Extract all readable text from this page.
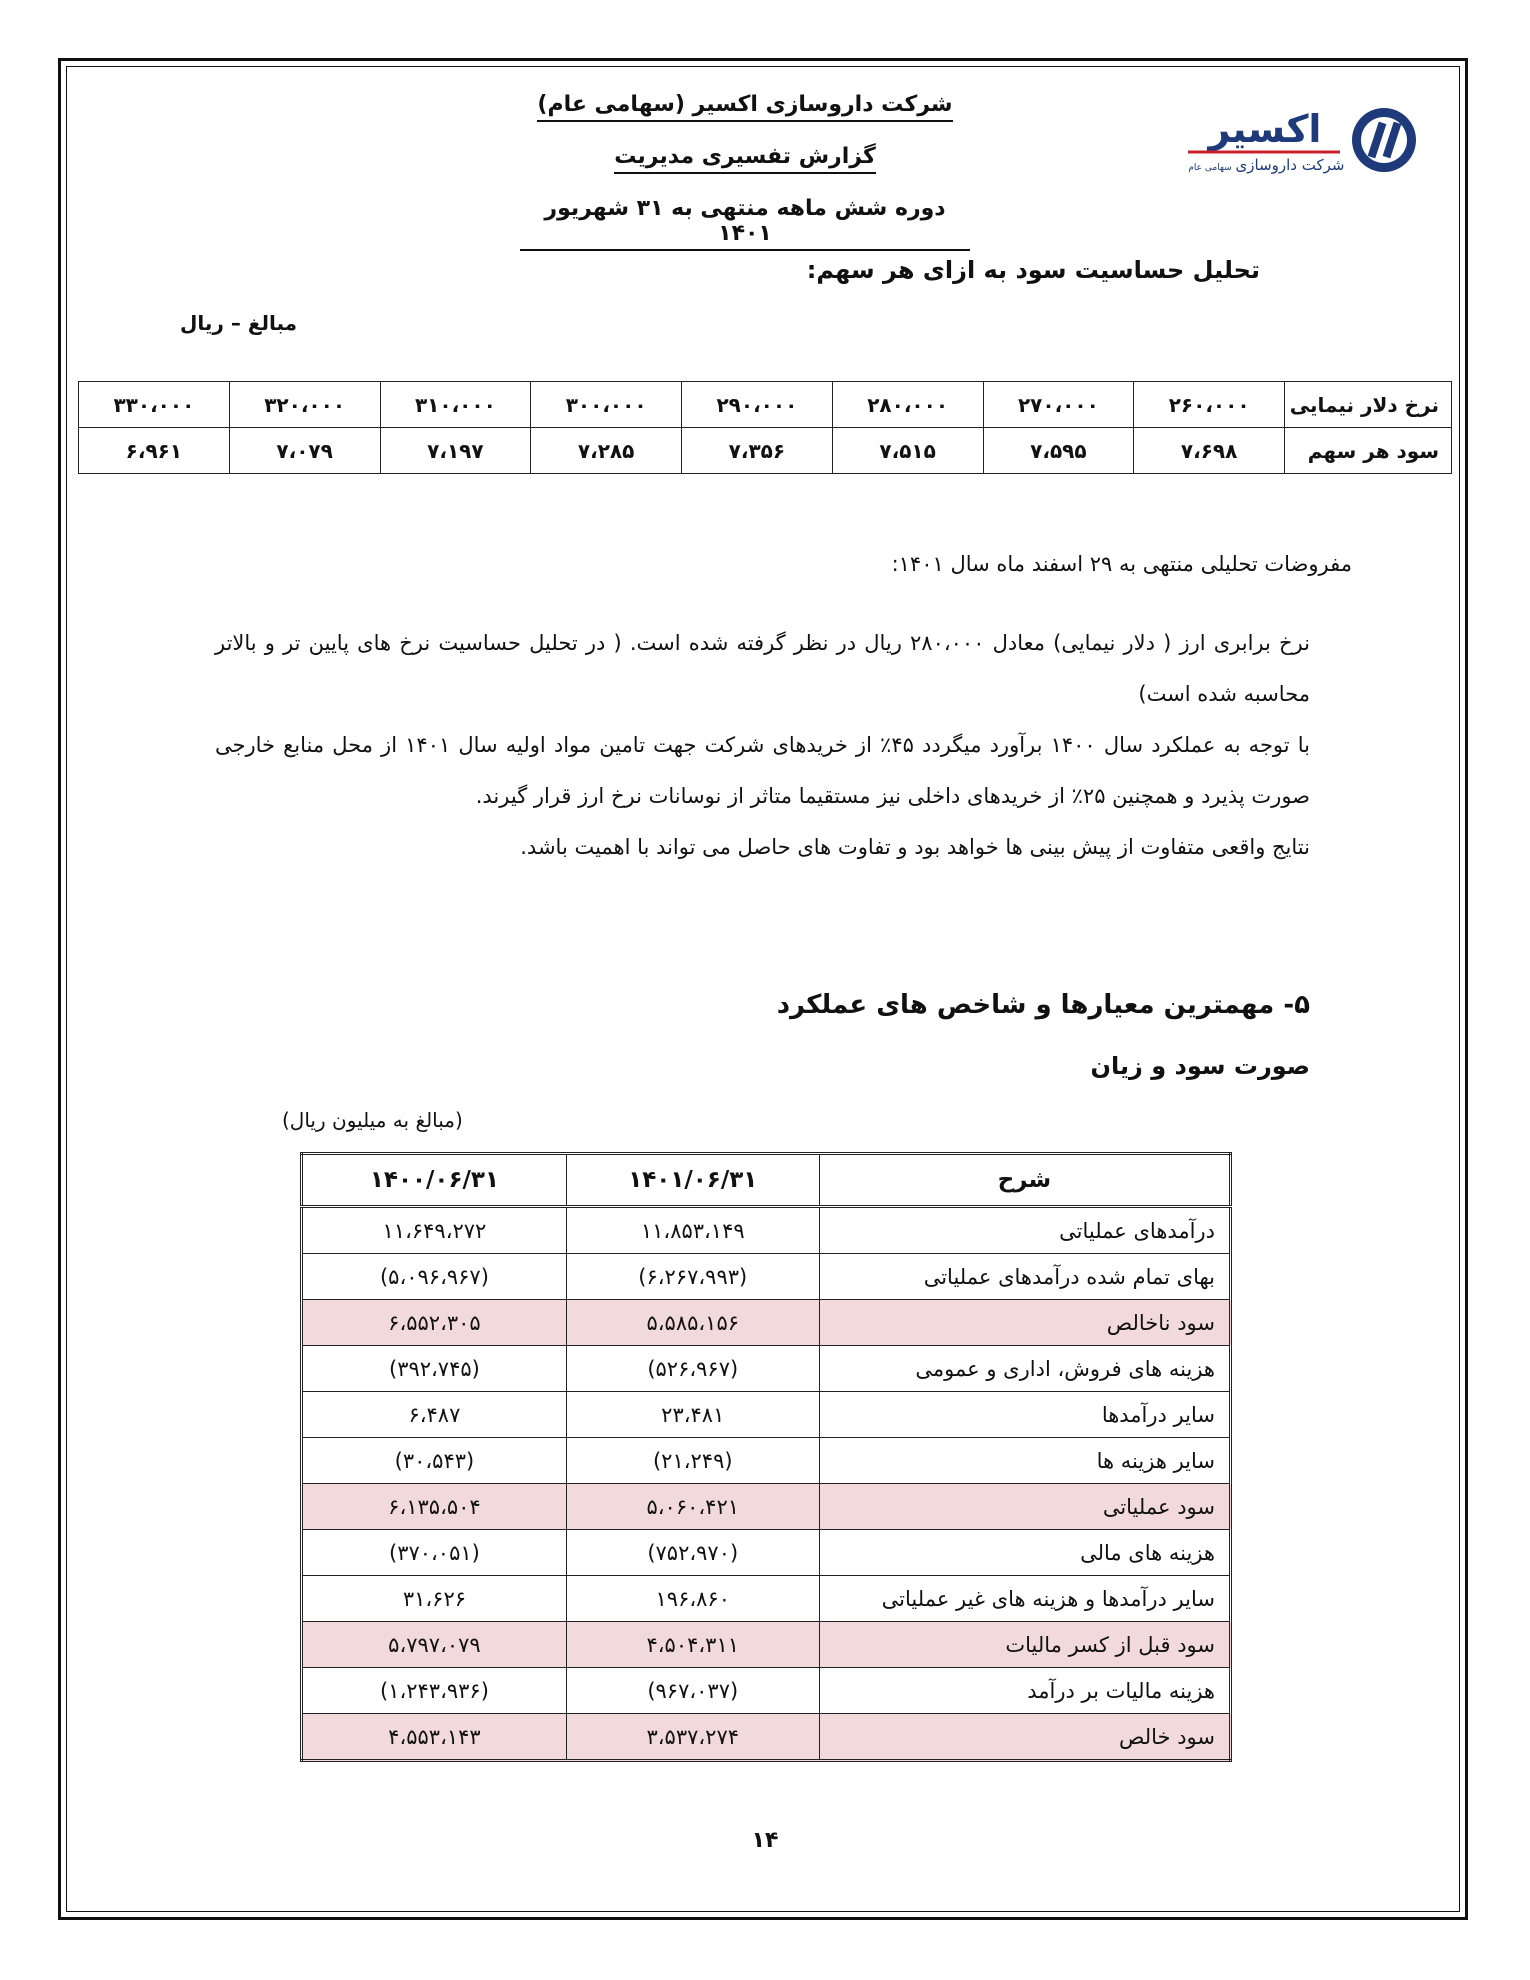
شرکت داروسازی اکسیر (سهامی عام)
گزارش تفسیری مدیریت
دوره شش ماهه منتهی به ۳۱ شهریور ۱۴۰۱
اکسیر
شرکت داروسازی
سهامی عام
تحلیل حساسیت سود به ازای هر سهم:
مبالغ – ریال
نرخ دلار نیمایی	۲۶۰،۰۰۰	۲۷۰،۰۰۰	۲۸۰،۰۰۰	۲۹۰،۰۰۰	۳۰۰،۰۰۰	۳۱۰،۰۰۰	۳۲۰،۰۰۰	۳۳۰،۰۰۰
سود هر سهم	۷،۶۹۸	۷،۵۹۵	۷،۵۱۵	۷،۳۵۶	۷،۲۸۵	۷،۱۹۷	۷،۰۷۹	۶،۹۶۱
مفروضات تحلیلی منتهی به ۲۹ اسفند ماه سال ۱۴۰۱:
نرخ برابری ارز ( دلار نیمایی) معادل ۲۸۰،۰۰۰ ریال در نظر گرفته شده است. ( در تحلیل حساسیت نرخ های پایین تر و بالاتر محاسبه شده است)
با توجه به عملکرد سال ۱۴۰۰ برآورد میگردد ۴۵٪ از خریدهای شرکت جهت تامین مواد اولیه سال ۱۴۰۱ از محل منابع خارجی صورت پذیرد و همچنین ۲۵٪ از خریدهای داخلی نیز مستقیما متاثر از نوسانات نرخ ارز قرار گیرند.
نتایج واقعی متفاوت از پیش بینی ها خواهد بود و تفاوت های حاصل می تواند با اهمیت باشد.
۵- مهمترین معیارها و شاخص های عملکرد
صورت سود و زیان
(مبالغ به میلیون ریال)
شرح	۱۴۰۱/۰۶/۳۱	۱۴۰۰/۰۶/۳۱
درآمدهای عملیاتی	۱۱،۸۵۳،۱۴۹	۱۱،۶۴۹،۲۷۲
بهای تمام شده درآمدهای عملیاتی	(۶،۲۶۷،۹۹۳)	(۵،۰۹۶،۹۶۷)
سود ناخالص	۵،۵۸۵،۱۵۶	۶،۵۵۲،۳۰۵
هزینه های فروش، اداری و عمومی	(۵۲۶،۹۶۷)	(۳۹۲،۷۴۵)
سایر درآمدها	۲۳،۴۸۱	۶،۴۸۷
سایر هزینه ها	(۲۱،۲۴۹)	(۳۰،۵۴۳)
سود عملیاتی	۵،۰۶۰،۴۲۱	۶،۱۳۵،۵۰۴
هزینه های مالی	(۷۵۲،۹۷۰)	(۳۷۰،۰۵۱)
سایر درآمدها و هزینه های غیر عملیاتی	۱۹۶،۸۶۰	۳۱،۶۲۶
سود قبل از کسر مالیات	۴،۵۰۴،۳۱۱	۵،۷۹۷،۰۷۹
هزینه مالیات بر درآمد	(۹۶۷،۰۳۷)	(۱،۲۴۳،۹۳۶)
سود خالص	۳،۵۳۷،۲۷۴	۴،۵۵۳،۱۴۳
۱۴
